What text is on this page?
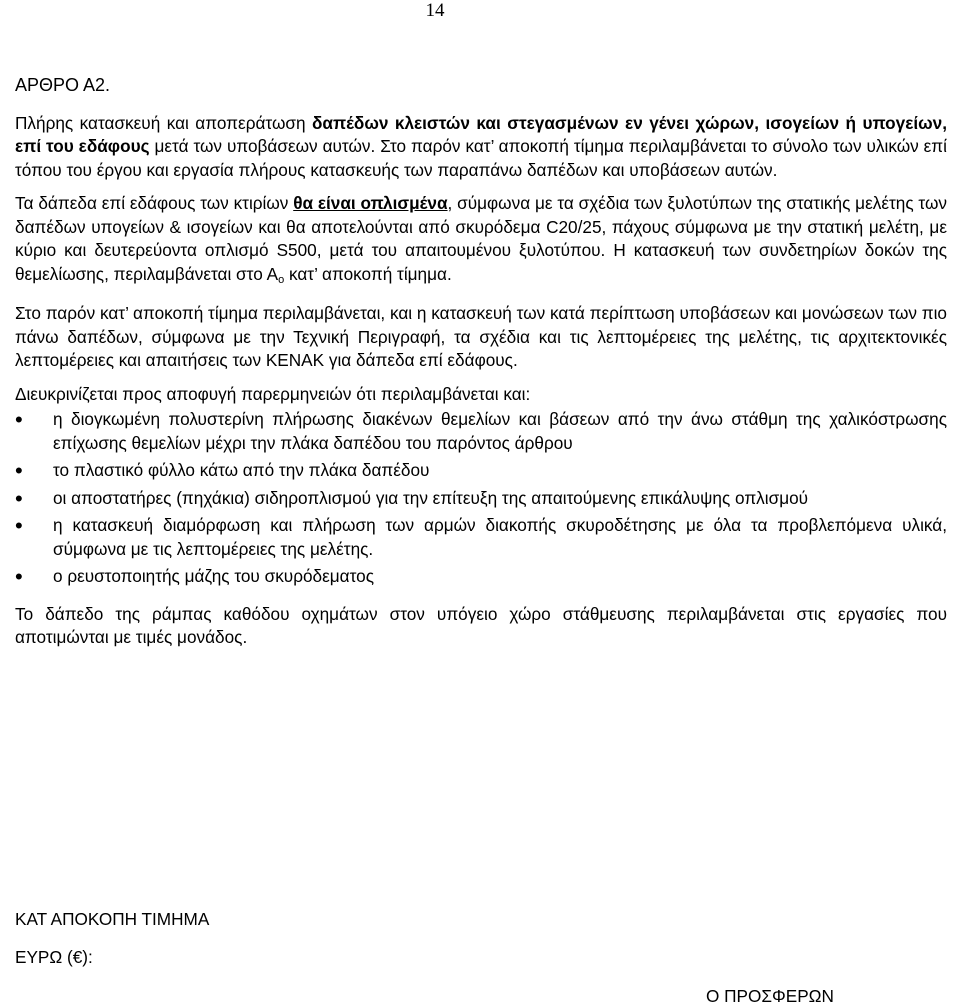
14
ΑΡΘΡΟ Α2.

Πλήρης κατασκευή και αποπεράτωση δαπέδων κλειστών και στεγασμένων εν γένει χώρων, ισογείων ή υπογείων, επί του εδάφους μετά των υποβάσεων αυτών. Στο παρόν κατ’ αποκοπή τίμημα περιλαμβάνεται το σύνολο των υλικών επί τόπου του έργου και εργασία πλήρους κατασκευής των παραπάνω δαπέδων και υποβάσεων αυτών.

Τα δάπεδα επί εδάφους των κτιρίων θα είναι οπλισμένα, σύμφωνα με τα σχέδια των ξυλοτύπων της στατικής μελέτης των δαπέδων υπογείων & ισογείων και θα αποτελούνται από σκυρόδεμα C20/25, πάχους σύμφωνα με την στατική μελέτη, με κύριο και δευτερεύοντα οπλισμό S500, μετά του απαιτουμένου ξυλοτύπου. Η κατασκευή των συνδετηρίων δοκών της θεμελίωσης, περιλαμβάνεται στο $A_o$ κατ’ αποκοπή τίμημα.

Στο παρόν κατ’ αποκοπή τίμημα περιλαμβάνεται, και η κατασκευή των κατά περίπτωση υποβάσεων και μονώσεων των πιο πάνω δαπέδων, σύμφωνα με την Τεχνική Περιγραφή, τα σχέδια και τις λεπτομέρειες της μελέτης, τις αρχιτεκτονικές λεπτομέρειες και απαιτήσεις των ΚΕΝΑΚ για δάπεδα επί εδάφους.

Διευκρινίζεται προς αποφυγή παρερμηνειών ότι περιλαμβάνεται και:

• η διογκωμένη πολυστερίνη πλήρωσης διακένων θεμελίων και βάσεων από την άνω στάθμη της χαλικόστρωσης επίχωσης θεμελίων μέχρι την πλάκα δαπέδου του παρόντος άρθρου
• το πλαστικό φύλλο κάτω από την πλάκα δαπέδου
• οι αποστατήρες (πηχάκια) σιδηροπλισμού για την επίτευξη της απαιτούμενης επικάλυψης οπλισμού
• η κατασκευή διαμόρφωση και πλήρωση των αρμών διακοπής σκυροδέτησης με όλα τα προβλεπόμενα υλικά, σύμφωνα με τις λεπτομέρειες της μελέτης.
• ο ρευστοποιητής μάζης του σκυρόδεματος

Το δάπεδο της ράμπας καθόδου οχημάτων στον υπόγειο χώρο στάθμευσης περιλαμβάνεται στις εργασίες που αποτιμώνται με τιμές μονάδος.

ΚΑΤ ΑΠΟΚΟΠΗ ΤΙΜΗΜΑ
ΕΥΡΩ (€):
Ο ΠΡΟΣΦΕΡΩΝ
